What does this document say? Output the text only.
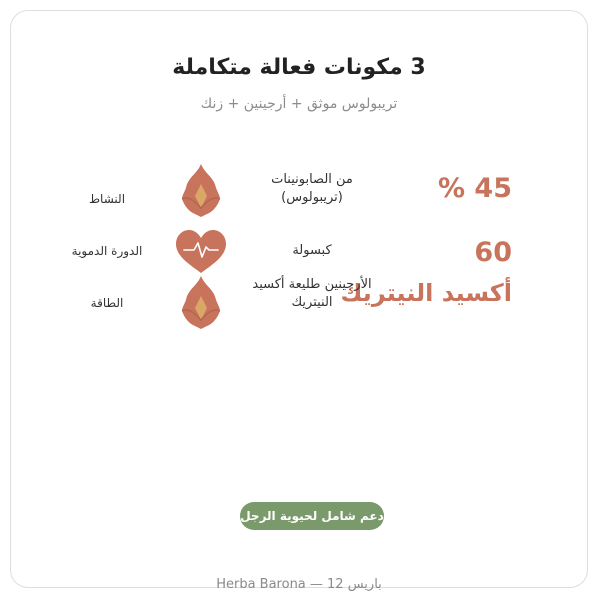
3 مكونات فعالة متكاملة
تريبولوس موثق + أرجينين + زنك
45 %
من الصابونينات (تريبولوس)
النشاط
60
كبسولة
الدورة الدموية
أكسيد النيتريك
الأرجينين طليعة أكسيد النيتريك
الطاقة
دعم شامل لحيوية الرجل
Herba Barona — 12 باريس
